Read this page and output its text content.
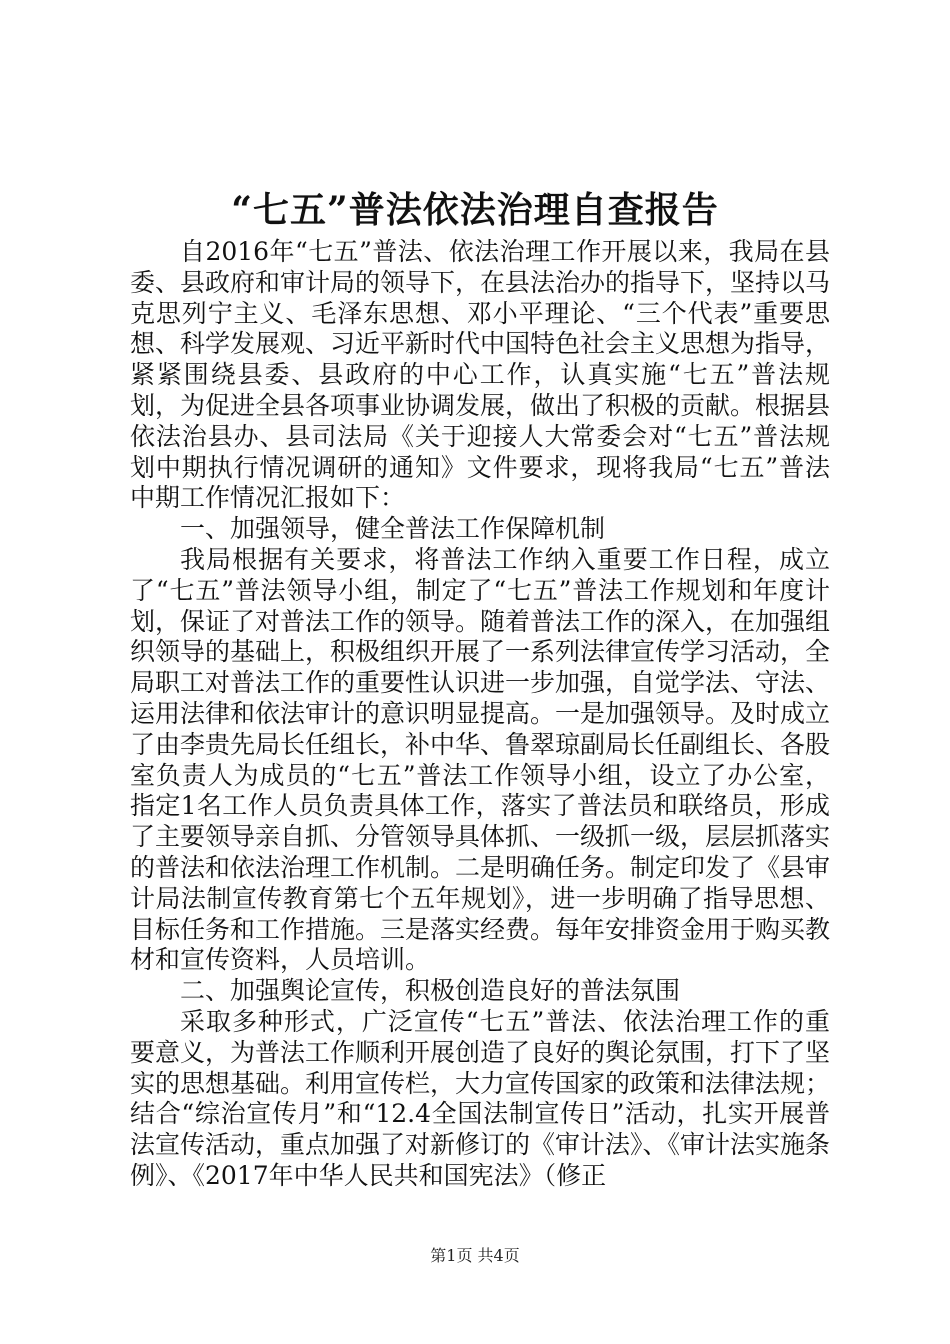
“七五”普法依法治理自查报告

自2016年“七五”普法、依法治理工作开展以来，我局在县委、县政府和审计局的领导下，在县法治办的指导下，坚持以马克思列宁主义、毛泽东思想、邓小平理论、“三个代表”重要思想、科学发展观、习近平新时代中国特色社会主义思想为指导，紧紧围绕县委、县政府的中心工作，认真实施“七五”普法规划，为促进全县各项事业协调发展，做出了积极的贡献。根据县依法治县办、县司法局《关于迎接人大常委会对“七五”普法规划中期执行情况调研的通知》文件要求，现将我局“七五”普法中期工作情况汇报如下：

一、加强领导，健全普法工作保障机制

我局根据有关要求，将普法工作纳入重要工作日程，成立了“七五”普法领导小组，制定了“七五”普法工作规划和年度计划，保证了对普法工作的领导。随着普法工作的深入，在加强组织领导的基础上，积极组织开展了一系列法律宣传学习活动，全局职工对普法工作的重要性认识进一步加强，自觉学法、守法、运用法律和依法审计的意识明显提高。一是加强领导。及时成立了由李贵先局长任组长，补中华、鲁翠琼副局长任副组长、各股室负责人为成员的“七五”普法工作领导小组，设立了办公室，指定1名工作人员负责具体工作，落实了普法员和联络员，形成了主要领导亲自抓、分管领导具体抓、一级抓一级，层层抓落实的普法和依法治理工作机制。二是明确任务。制定印发了《县审计局法制宣传教育第七个五年规划》，进一步明确了指导思想、目标任务和工作措施。三是落实经费。每年安排资金用于购买教材和宣传资料，人员培训。

二、加强舆论宣传，积极创造良好的普法氛围

采取多种形式，广泛宣传“七五”普法、依法治理工作的重要意义，为普法工作顺利开展创造了良好的舆论氛围，打下了坚实的思想基础。利用宣传栏，大力宣传国家的政策和法律法规；结合“综治宣传月”和“12.4全国法制宣传日”活动，扎实开展普法宣传活动，重点加强了对新修订的《审计法》、《审计法实施条例》、《2017年中华人民共和国宪法》（修正

第1页 共4页
